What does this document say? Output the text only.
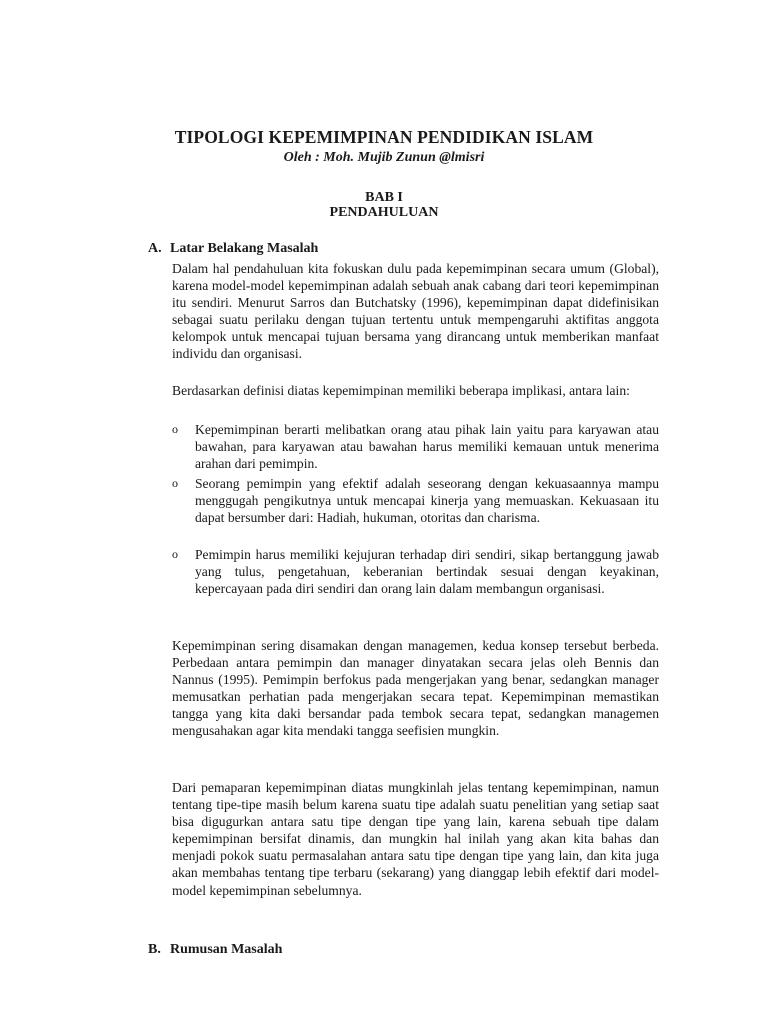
TIPOLOGI KEPEMIMPINAN PENDIDIKAN ISLAM
Oleh : Moh. Mujib Zunun @lmisri
BAB I
PENDAHULUAN
A. Latar Belakang Masalah

Dalam hal pendahuluan kita fokuskan dulu pada kepemimpinan secara umum (Global), karena model-model kepemimpinan adalah sebuah anak cabang dari teori kepemimpinan itu sendiri. Menurut Sarros dan Butchatsky (1996), kepemimpinan dapat didefinisikan sebagai suatu perilaku dengan tujuan tertentu untuk mempengaruhi aktifitas anggota kelompok untuk mencapai tujuan bersama yang dirancang untuk memberikan manfaat individu dan organisasi.

Berdasarkan definisi diatas kepemimpinan memiliki beberapa implikasi, antara lain:

o	Kepemimpinan berarti melibatkan orang atau pihak lain yaitu para karyawan atau bawahan, para karyawan atau bawahan harus memiliki kemauan untuk menerima arahan dari pemimpin.
o	Seorang pemimpin yang efektif adalah seseorang dengan kekuasaannya mampu menggugah pengikutnya untuk mencapai kinerja yang memuaskan. Kekuasaan itu dapat bersumber dari: Hadiah, hukuman, otoritas dan charisma.
o	Pemimpin harus memiliki kejujuran terhadap diri sendiri, sikap bertanggung jawab yang tulus, pengetahuan, keberanian bertindak sesuai dengan keyakinan, kepercayaan pada diri sendiri dan orang lain dalam membangun organisasi.

Kepemimpinan sering disamakan dengan managemen, kedua konsep tersebut berbeda. Perbedaan antara pemimpin dan manager dinyatakan secara jelas oleh Bennis dan Nannus (1995). Pemimpin berfokus pada mengerjakan yang benar, sedangkan manager memusatkan perhatian pada mengerjakan secara tepat. Kepemimpinan memastikan tangga yang kita daki bersandar pada tembok secara tepat, sedangkan managemen mengusahakan agar kita mendaki tangga seefisien mungkin.

Dari pemaparan kepemimpinan diatas mungkinlah jelas tentang kepemimpinan, namun tentang tipe-tipe masih belum karena suatu tipe adalah suatu penelitian yang setiap saat bisa digugurkan antara satu tipe dengan tipe yang lain, karena sebuah tipe dalam kepemimpinan bersifat dinamis, dan mungkin hal inilah yang akan kita bahas dan menjadi pokok suatu permasalahan antara satu tipe dengan tipe yang lain, dan kita juga akan membahas tentang tipe terbaru (sekarang) yang dianggap lebih efektif dari model-model kepemimpinan sebelumnya.

B. Rumusan Masalah
